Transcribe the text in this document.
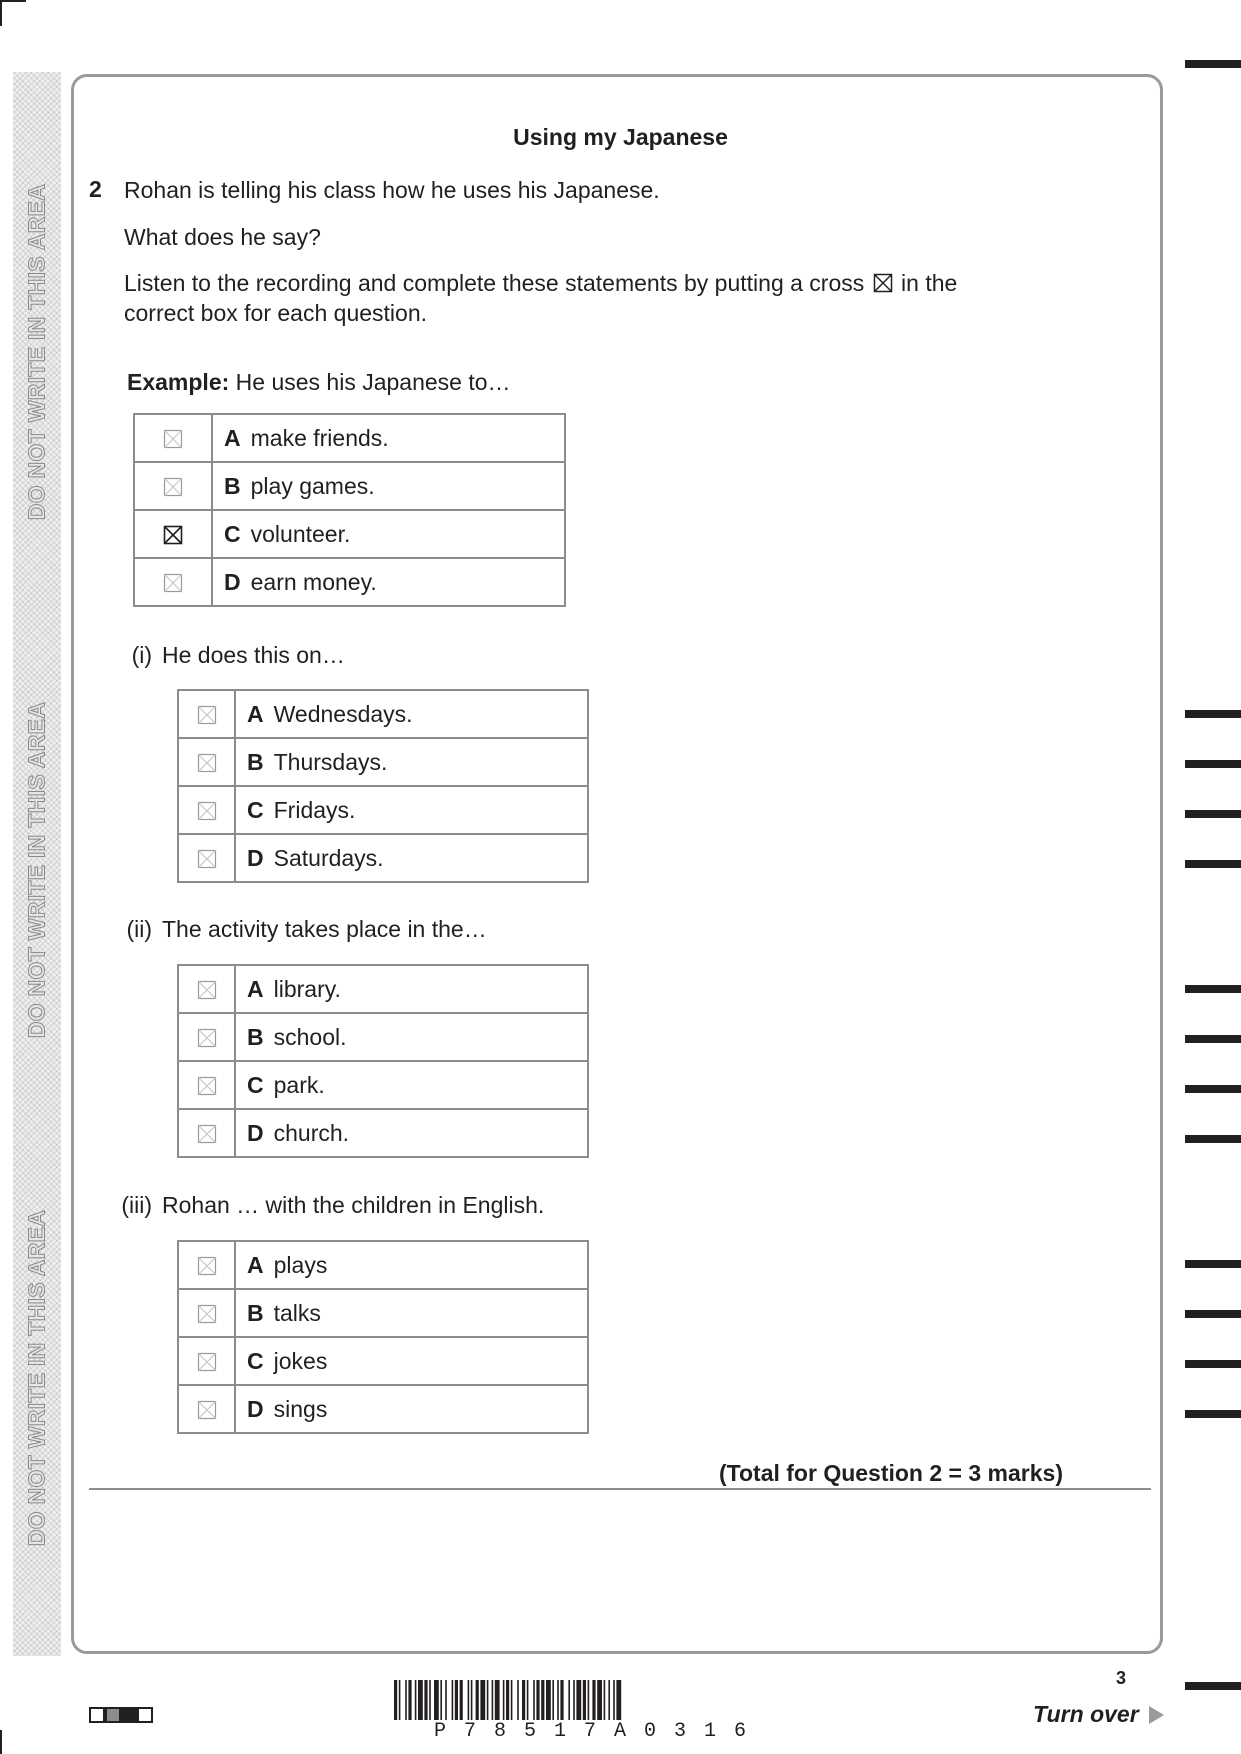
DO NOT WRITE IN THIS AREA
DO NOT WRITE IN THIS AREA
DO NOT WRITE IN THIS AREA
Using my Japanese
2 Rohan is telling his class how he uses his Japanese.
What does he say?
Listen to the recording and complete these statements by putting a cross ☒ in the
correct box for each question.
Example: He uses his Japanese to…
	A make friends.
	B play games.
	C volunteer.
	D earn money.
(i) He does this on…
	A Wednesdays.
	B Thursdays.
	C Fridays.
	D Saturdays.
(ii) The activity takes place in the…
	A library.
	B school.
	C park.
	D church.
(iii) Rohan … with the children in English.
	A plays
	B talks
	C jokes
	D sings
(Total for Question 2 = 3 marks)
P78517A0316
3
Turn over
